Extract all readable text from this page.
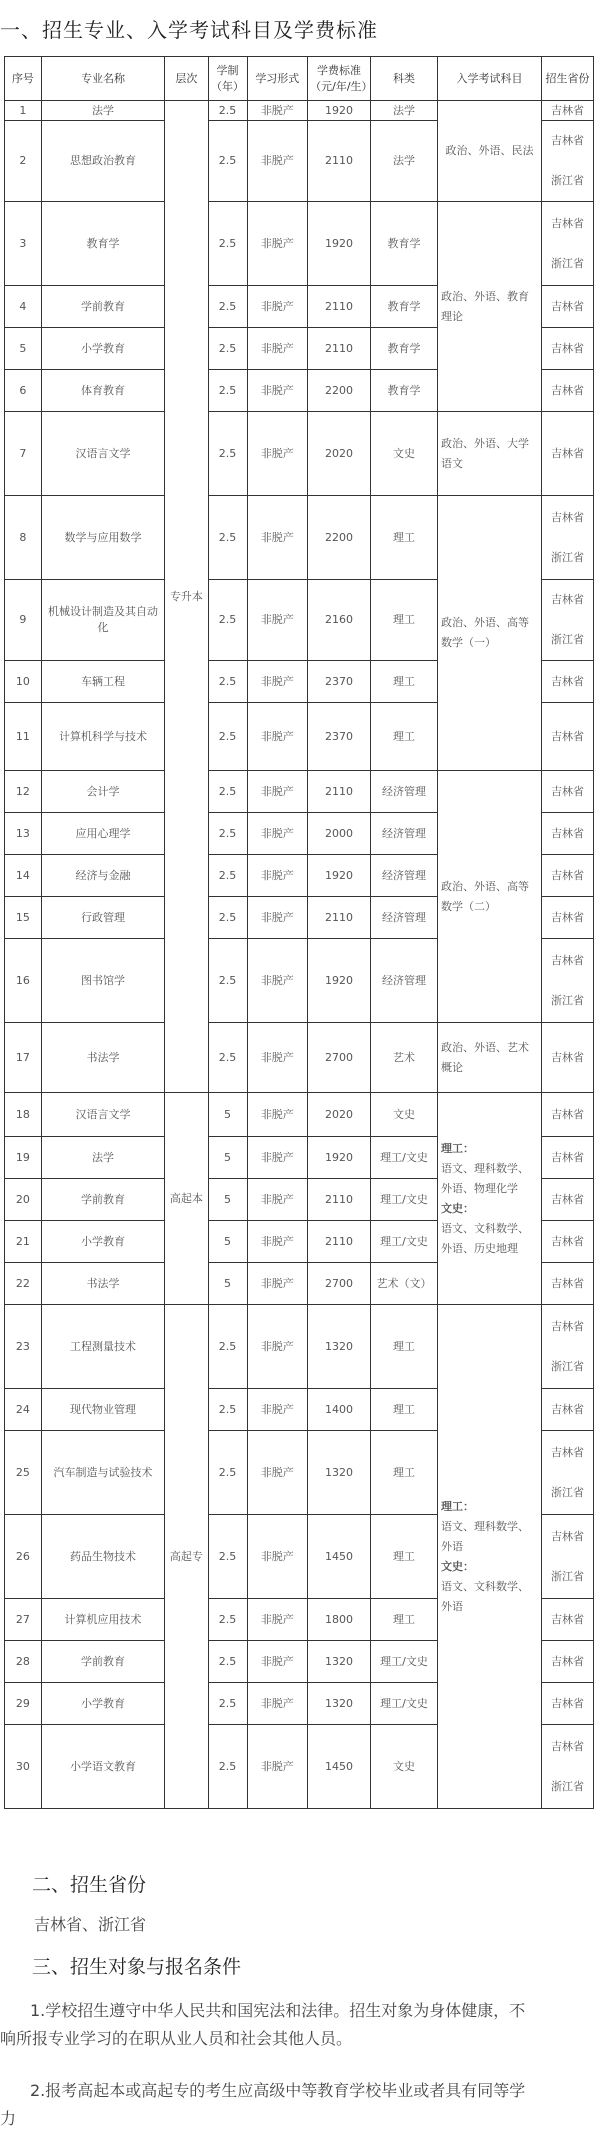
一、招生专业、入学考试科目及学费标准
序号	专业名称	层次	学制（年）	学习形式	学费标准（元/年/生）	科类	入学考试科目	招生省份
1	法学	专升本	2.5	非脱产	1920	法学	政治、外语、民法	吉林省
2	思想政治教育		2.5	非脱产	2110	法学		吉林省
浙江省
3	教育学		2.5	非脱产	1920	教育学	政治、外语、教育理论	吉林省
浙江省
4	学前教育		2.5	非脱产	2110	教育学		吉林省
5	小学教育		2.5	非脱产	2110	教育学		吉林省
6	体育教育		2.5	非脱产	2200	教育学		吉林省
7	汉语言文学		2.5	非脱产	2020	文史	政治、外语、大学语文	吉林省
8	数学与应用数学		2.5	非脱产	2200	理工	政治、外语、高等数学（一）	吉林省
浙江省
9	机械设计制造及其自动化		2.5	非脱产	2160	理工		吉林省
浙江省
10	车辆工程		2.5	非脱产	2370	理工		吉林省
11	计算机科学与技术		2.5	非脱产	2370	理工		吉林省
12	会计学		2.5	非脱产	2110	经济管理	政治、外语、高等数学（二）	吉林省
13	应用心理学		2.5	非脱产	2000	经济管理		吉林省
14	经济与金融		2.5	非脱产	1920	经济管理		吉林省
15	行政管理		2.5	非脱产	2110	经济管理		吉林省
16	图书馆学		2.5	非脱产	1920	经济管理		吉林省
浙江省
17	书法学		2.5	非脱产	2700	艺术	政治、外语、艺术概论	吉林省
18	汉语言文学	高起本	5	非脱产	2020	文史	理工：
语文、理科数学、外语、物理化学
文史：
语文、文科数学、外语、历史地理	吉林省
19	法学		5	非脱产	1920	理工/文史		吉林省
20	学前教育		5	非脱产	2110	理工/文史		吉林省
21	小学教育		5	非脱产	2110	理工/文史		吉林省
22	书法学		5	非脱产	2700	艺术（文）		吉林省
23	工程测量技术	高起专	2.5	非脱产	1320	理工	理工：
语文、理科数学、外语
文史：
语文、文科数学、外语	吉林省
浙江省
24	现代物业管理		2.5	非脱产	1400	理工		吉林省
25	汽车制造与试验技术		2.5	非脱产	1320	理工		吉林省
浙江省
26	药品生物技术		2.5	非脱产	1450	理工		吉林省
浙江省
27	计算机应用技术		2.5	非脱产	1800	理工		吉林省
28	学前教育		2.5	非脱产	1320	理工/文史		吉林省
29	小学教育		2.5	非脱产	1320	理工/文史		吉林省
30	小学语文教育		2.5	非脱产	1450	文史		吉林省
浙江省
二、招生省份

吉林省、浙江省

三、招生对象与报名条件

1.学校招生遵守中华人民共和国宪法和法律。招生对象为身体健康，不

响所报专业学习的在职从业人员和社会其他人员。

2.报考高起本或高起专的考生应高级中等教育学校毕业或者具有同等学

力
